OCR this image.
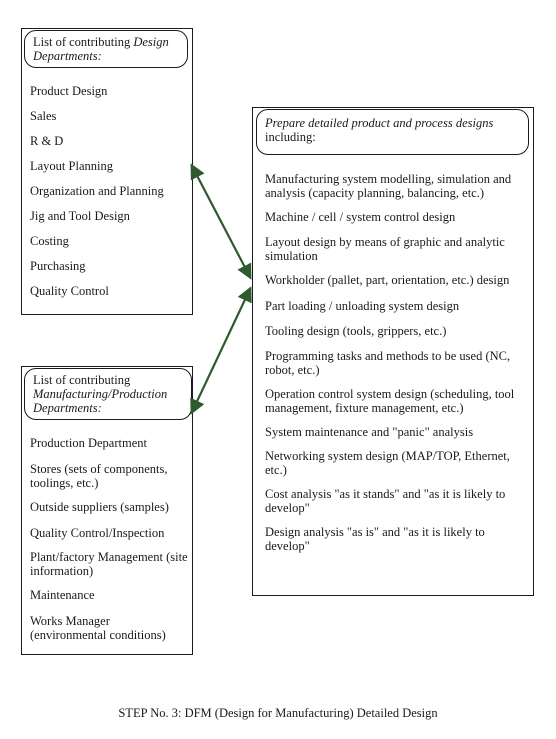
List of contributing Design Departments:
Product Design
Sales
R & D
Layout Planning
Organization and Planning
Jig and Tool Design
Costing
Purchasing
Quality Control
List of contributing
Manufacturing/Production Departments:
Production Department
Stores (sets of components, toolings, etc.)
Outside suppliers (samples)
Quality Control/Inspection
Plant/factory Management (site information)
Maintenance
Works Manager (environmental conditions)
Prepare detailed product and process designs
including:
Manufacturing system modelling, simulation and analysis (capacity planning, balancing, etc.)
Machine / cell / system control design
Layout design by means of graphic and analytic simulation
Workholder (pallet, part, orientation, etc.) design
Part loading / unloading system design
Tooling design (tools, grippers, etc.)
Programming tasks and methods to be used (NC, robot, etc.)
Operation control system design (scheduling, tool management, fixture management, etc.)
System maintenance and "panic" analysis
Networking system design (MAP/TOP, Ethernet, etc.)
Cost analysis "as it stands" and "as it is likely to develop"
Design analysis "as is" and "as it is likely to develop"
STEP No. 3: DFM (Design for Manufacturing) Detailed Design
